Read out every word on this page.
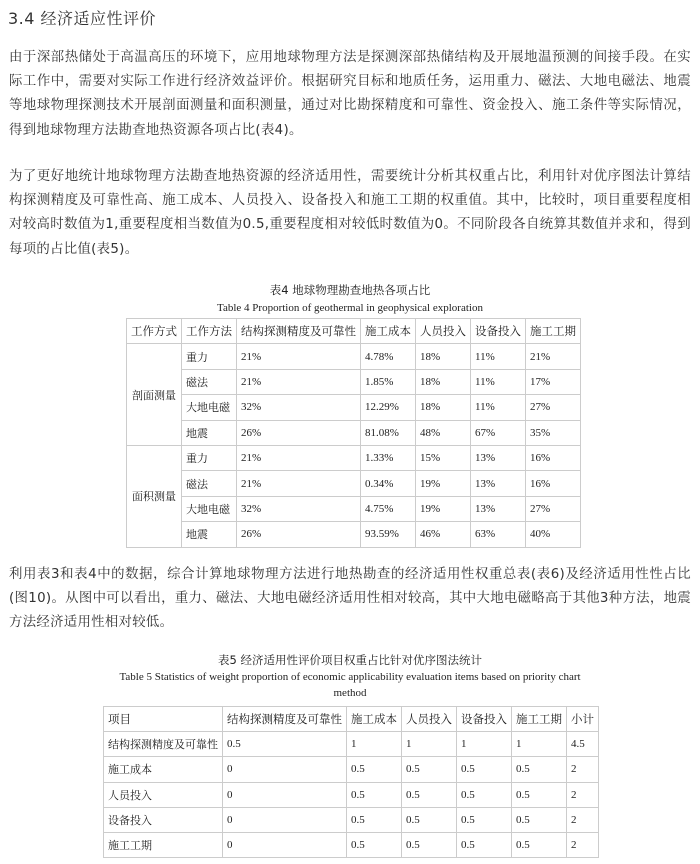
3.4 经济适应性评价
由于深部热储处于高温高压的环境下，应用地球物理方法是探测深部热储结构及开展地温预测的间接手段。在实际工作中，需要对实际工作进行经济效益评价。根据研究目标和地质任务，运用重力、磁法、大地电磁法、地震等地球物理探测技术开展剖面测量和面积测量，通过对比勘探精度和可靠性、资金投入、施工条件等实际情况，得到地球物理方法勘查地热资源各项占比(表4)。
为了更好地统计地球物理方法勘查地热资源的经济适用性，需要统计分析其权重占比，利用针对优序图法计算结构探测精度及可靠性高、施工成本、人员投入、设备投入和施工工期的权重值。其中，比较时，项目重要程度相对较高时数值为1,重要程度相当数值为0.5,重要程度相对较低时数值为0。不同阶段各自统算其数值并求和，得到每项的占比值(表5)。
表4 地球物理勘查地热各项占比
Table 4 Proportion of geothermal in geophysical exploration
工作方式	工作方法	结构探测精度及可靠性	施工成本	人员投入	设备投入	施工工期
剖面测量	重力	21%	4.78%	18%	11%	21%
	磁法	21%	1.85%	18%	11%	17%
	大地电磁	32%	12.29%	18%	11%	27%
	地震	26%	81.08%	48%	67%	35%
面积测量	重力	21%	1.33%	15%	13%	16%
	磁法	21%	0.34%	19%	13%	16%
	大地电磁	32%	4.75%	19%	13%	27%
	地震	26%	93.59%	46%	63%	40%
利用表3和表4中的数据，综合计算地球物理方法进行地热勘查的经济适用性权重总表(表6)及经济适用性性占比(图10)。从图中可以看出，重力、磁法、大地电磁经济适用性相对较高，其中大地电磁略高于其他3种方法，地震方法经济适用性相对较低。
表5 经济适用性评价项目权重占比针对优序图法统计
Table 5 Statistics of weight proportion of economic applicability evaluation items based on priority chart method
项目	结构探测精度及可靠性	施工成本	人员投入	设备投入	施工工期	小计
结构探测精度及可靠性	0.5	1	1	1	1	4.5
施工成本	0	0.5	0.5	0.5	0.5	2
人员投入	0	0.5	0.5	0.5	0.5	2
设备投入	0	0.5	0.5	0.5	0.5	2
施工工期	0	0.5	0.5	0.5	0.5	2
